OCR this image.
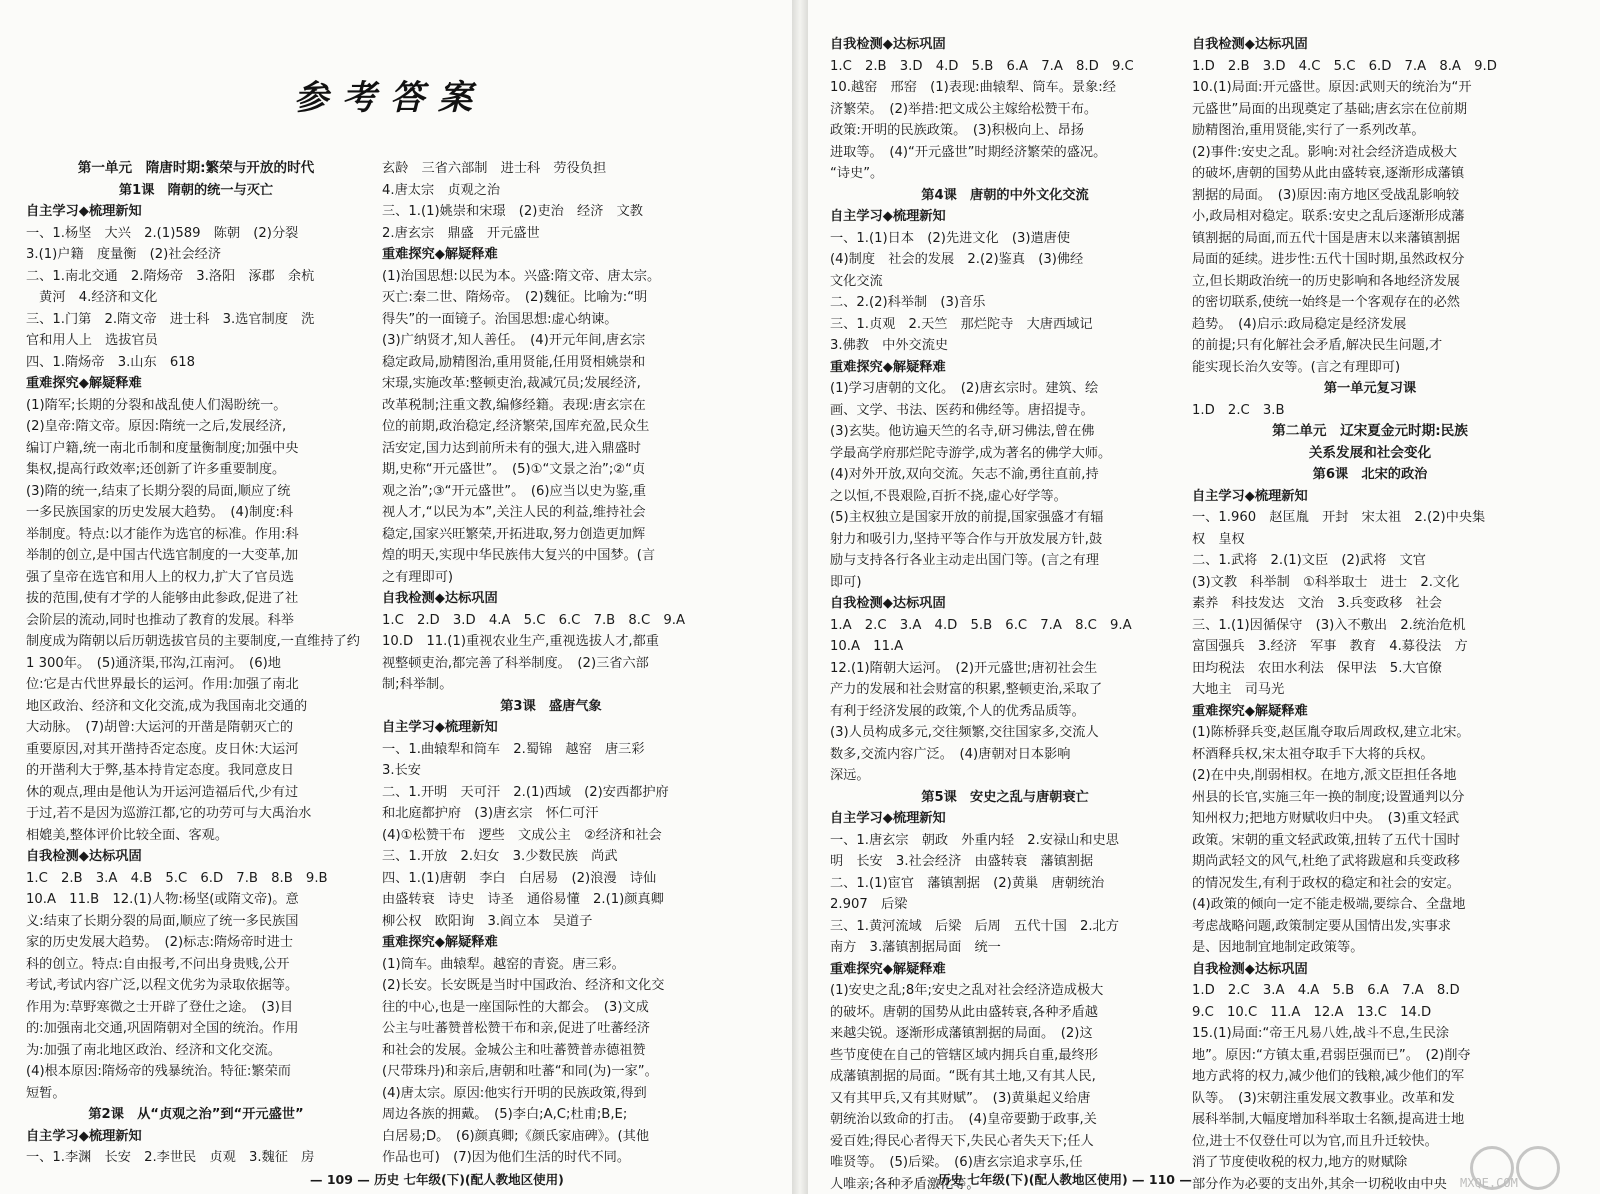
参考答案
第一单元　隋唐时期:繁荣与开放的时代
第1课　隋朝的统一与灭亡
自主学习◆梳理新知
一、1.杨坚　大兴　2.(1)589　陈朝　(2)分裂
3.(1)户籍　度量衡　(2)社会经济
二、1.南北交通　2.隋炀帝　3.洛阳　涿郡　余杭
　黄河　4.经济和文化
三、1.门第　2.隋文帝　进士科　3.选官制度　洗
官和用人上　选拔官员
四、1.隋炀帝　3.山东　618
重难探究◆解疑释难
(1)隋军;长期的分裂和战乱使人们渴盼统一。
(2)皇帝:隋文帝。原因:隋统一之后,发展经济,
编订户籍,统一南北币制和度量衡制度;加强中央
集权,提高行政效率;还创新了许多重要制度。
(3)隋的统一,结束了长期分裂的局面,顺应了统
一多民族国家的历史发展大趋势。　(4)制度:科
举制度。特点:以才能作为选官的标准。作用:科
举制的创立,是中国古代选官制度的一大变革,加
强了皇帝在选官和用人上的权力,扩大了官员选
拔的范围,使有才学的人能够由此参政,促进了社
会阶层的流动,同时也推动了教育的发展。科举
制度成为隋朝以后历朝选拔官员的主要制度,一直维持了约
1 300年。　(5)通济渠,邗沟,江南河。　(6)地
位:它是古代世界最长的运河。作用:加强了南北
地区政治、经济和文化交流,成为我国南北交通的
大动脉。　(7)胡曾:大运河的开凿是隋朝灭亡的
重要原因,对其开凿持否定态度。皮日休:大运河
的开凿利大于弊,基本持肯定态度。我同意皮日
休的观点,理由是他认为开运河造福后代,少有过
于过,若不是因为巡游江都,它的功劳可与大禹治水
相媲美,整体评价比较全面、客观。
自我检测◆达标巩固
1.C　2.B　3.A　4.B　5.C　6.D　7.B　8.B　9.B
10.A　11.B　12.(1)人物:杨坚(或隋文帝)。意
义:结束了长期分裂的局面,顺应了统一多民族国
家的历史发展大趋势。　(2)标志:隋炀帝时进士
科的创立。特点:自由报考,不问出身贵贱,公开
考试,考试内容广泛,以程文优劣为录取依据等。
作用为:草野寒微之士开辟了登仕之途。　(3)目
的:加强南北交通,巩固隋朝对全国的统治。作用
为:加强了南北地区政治、经济和文化交流。
(4)根本原因:隋炀帝的残暴统治。特征:繁荣而
短暂。
第2课　从“贞观之治”到“开元盛世”
自主学习◆梳理新知
一、1.李渊　长安　2.李世民　贞观　3.魏征　房
玄龄　三省六部制　进士科　劳役负担
4.唐太宗　贞观之治
三、1.(1)姚崇和宋璟　(2)吏治　经济　文教
2.唐玄宗　鼎盛　开元盛世
重难探究◆解疑释难
(1)治国思想:以民为本。兴盛:隋文帝、唐太宗。
灭亡:秦二世、隋炀帝。　(2)魏征。比喻为:“明
得失”的一面镜子。治国思想:虚心纳谏。
(3)广纳贤才,知人善任。　(4)开元年间,唐玄宗
稳定政局,励精图治,重用贤能,任用贤相姚崇和
宋璟,实施改革:整顿吏治,裁减冗员;发展经济,
改革税制;注重文教,编修经籍。表现:唐玄宗在
位的前期,政治稳定,经济繁荣,国库充盈,民众生
活安定,国力达到前所未有的强大,进入鼎盛时
期,史称“开元盛世”。　(5)①“文景之治”;②“贞
观之治”;③“开元盛世”。　(6)应当以史为鉴,重
视人才,“以民为本”,关注人民的利益,维持社会
稳定,国家兴旺繁荣,开拓进取,努力创造更加辉
煌的明天,实现中华民族伟大复兴的中国梦。(言
之有理即可)
自我检测◆达标巩固
1.C　2.D　3.D　4.A　5.C　6.C　7.B　8.C　9.A
10.D　11.(1)重视农业生产,重视选拔人才,都重
视整顿吏治,都完善了科举制度。　(2)三省六部
制;科举制。
第3课　盛唐气象
自主学习◆梳理新知
一、1.曲辕犁和筒车　2.蜀锦　越窑　唐三彩
3.长安
二、1.开明　天可汗　2.(1)西域　(2)安西都护府
和北庭都护府　(3)唐玄宗　怀仁可汗
(4)①松赞干布　逻些　文成公主　②经济和社会
三、1.开放　2.妇女　3.少数民族　尚武
四、1.(1)唐朝　李白　白居易　(2)浪漫　诗仙
由盛转衰　诗史　诗圣　通俗易懂　2.(1)颜真卿
柳公权　欧阳询　3.阎立本　吴道子
重难探究◆解疑释难
(1)筒车。曲辕犁。越窑的青瓷。唐三彩。
(2)长安。长安既是当时中国政治、经济和文化交
往的中心,也是一座国际性的大都会。　(3)文成
公主与吐蕃赞普松赞干布和亲,促进了吐蕃经济
和社会的发展。金城公主和吐蕃赞普赤德祖赞
(尺带珠丹)和亲后,唐朝和吐蕃“和同(为)一家”。
(4)唐太宗。原因:他实行开明的民族政策,得到
周边各族的拥戴。　(5)李白;A,C;杜甫;B,E;
白居易;D。　(6)颜真卿;《颜氏家庙碑》。(其他
作品也可)　(7)因为他们生活的时代不同。
— 109 — 历史 七年级(下)(配人教地区使用)
自我检测◆达标巩固
1.C　2.B　3.D　4.D　5.B　6.A　7.A　8.D　9.C
10.越窑　邢窑　(1)表现:曲辕犁、筒车。景象:经
济繁荣。　(2)举措:把文成公主嫁给松赞干布。
政策:开明的民族政策。　(3)积极向上、昂扬
进取等。　(4)“开元盛世”时期经济繁荣的盛况。
“诗史”。
第4课　唐朝的中外文化交流
自主学习◆梳理新知
一、1.(1)日本　(2)先进文化　(3)遣唐使
(4)制度　社会的发展　2.(2)鉴真　(3)佛经
文化交流
二、2.(2)科举制　(3)音乐
三、1.贞观　2.天竺　那烂陀寺　大唐西域记
3.佛教　中外交流史
重难探究◆解疑释难
(1)学习唐朝的文化。　(2)唐玄宗时。建筑、绘
画、文学、书法、医药和佛经等。唐招提寺。
(3)玄奘。他访遍天竺的名寺,研习佛法,曾在佛
学最高学府那烂陀寺游学,成为著名的佛学大师。
(4)对外开放,双向交流。矢志不渝,勇往直前,持
之以恒,不畏艰险,百折不挠,虚心好学等。
(5)主权独立是国家开放的前提,国家强盛才有辐
射力和吸引力,坚持平等合作与开放发展方针,鼓
励与支持各行各业主动走出国门等。(言之有理
即可)
自我检测◆达标巩固
1.A　2.C　3.A　4.D　5.B　6.C　7.A　8.C　9.A
10.A　11.A
12.(1)隋朝大运河。　(2)开元盛世;唐初社会生
产力的发展和社会财富的积累,整顿吏治,采取了
有利于经济发展的政策,个人的优秀品质等。
(3)人员构成多元,交往频繁,交往国家多,交流人
数多,交流内容广泛。　(4)唐朝对日本影响
深远。
第5课　安史之乱与唐朝衰亡
自主学习◆梳理新知
一、1.唐玄宗　朝政　外重内轻　2.安禄山和史思
明　长安　3.社会经济　由盛转衰　藩镇割据
二、1.(1)宦官　藩镇割据　(2)黄巢　唐朝统治
2.907　后梁
三、1.黄河流域　后梁　后周　五代十国　2.北方
南方　3.藩镇割据局面　统一
重难探究◆解疑释难
(1)安史之乱;8年;安史之乱对社会经济造成极大
的破坏。唐朝的国势从此由盛转衰,各种矛盾越
来越尖锐。逐渐形成藩镇割据的局面。　(2)这
些节度使在自己的管辖区域内拥兵自重,最终形
成藩镇割据的局面。“既有其土地,又有其人民,
又有其甲兵,又有其财赋”。　(3)黄巢起义给唐
朝统治以致命的打击。　(4)皇帝要勤于政事,关
爱百姓;得民心者得天下,失民心者失天下;任人
唯贤等。　(5)后梁。　(6)唐玄宗追求享乐,任
人唯亲;各种矛盾激化等。
自我检测◆达标巩固
1.D　2.B　3.D　4.C　5.C　6.D　7.A　8.A　9.D
10.(1)局面:开元盛世。原因:武则天的统治为“开
元盛世”局面的出现奠定了基础;唐玄宗在位前期
励精图治,重用贤能,实行了一系列改革。
(2)事件:安史之乱。影响:对社会经济造成极大
的破坏,唐朝的国势从此由盛转衰,逐渐形成藩镇
割据的局面。　(3)原因:南方地区受战乱影响较
小,政局相对稳定。联系:安史之乱后逐渐形成藩
镇割据的局面,而五代十国是唐末以来藩镇割据
局面的延续。进步性:五代十国时期,虽然政权分
立,但长期政治统一的历史影响和各地经济发展
的密切联系,使统一始终是一个客观存在的必然
趋势。　(4)启示:政局稳定是经济发展
的前提;只有化解社会矛盾,解决民生问题,才
能实现长治久安等。(言之有理即可)
第一单元复习课
1.D　2.C　3.B
第二单元　辽宋夏金元时期:民族
关系发展和社会变化
第6课　北宋的政治
自主学习◆梳理新知
一、1.960　赵匡胤　开封　宋太祖　2.(2)中央集
权　皇权
二、1.武将　2.(1)文臣　(2)武将　文官
(3)文教　科举制　①科举取士　进士　2.文化
素养　科技发达　文治　3.兵变政移　社会
三、1.(1)因循保守　(3)入不敷出　2.统治危机
富国强兵　3.经济　军事　教育　4.募役法　方
田均税法　农田水利法　保甲法　5.大官僚
大地主　司马光
重难探究◆解疑释难
(1)陈桥驿兵变,赵匡胤夺取后周政权,建立北宋。
杯酒释兵权,宋太祖夺取手下大将的兵权。
(2)在中央,削弱相权。在地方,派文臣担任各地
州县的长官,实施三年一换的制度;设置通判以分
知州权力;把地方财赋收归中央。　(3)重文轻武
政策。宋朝的重文轻武政策,扭转了五代十国时
期尚武轻文的风气,杜绝了武将跋扈和兵变政移
的情况发生,有利于政权的稳定和社会的安定。
(4)政策的倾向一定不能走极端,要综合、全盘地
考虑战略问题,政策制定要从国情出发,实事求
是、因地制宜地制定政策等。
自我检测◆达标巩固
1.D　2.C　3.A　4.A　5.B　6.A　7.A　8.D
9.C　10.C　11.A　12.A　13.C　14.D
15.(1)局面:“帝王凡易八姓,战斗不息,生民涂
地”。原因:“方镇太重,君弱臣强而已”。　(2)削夺
地方武将的权力,减少他们的钱粮,减少他们的军
队等。　(3)宋朝注重发展文教事业。改革和发
展科举制,大幅度增加科举取士名额,提高进士地
位,进士不仅登仕可以为官,而且升迁较快。
消了节度使收税的权力,地方的财赋除
部分作为必要的支出外,其余一切税收由中央
历史 七年级(下)(配人教地区使用) — 110 —	MXQE.COM
